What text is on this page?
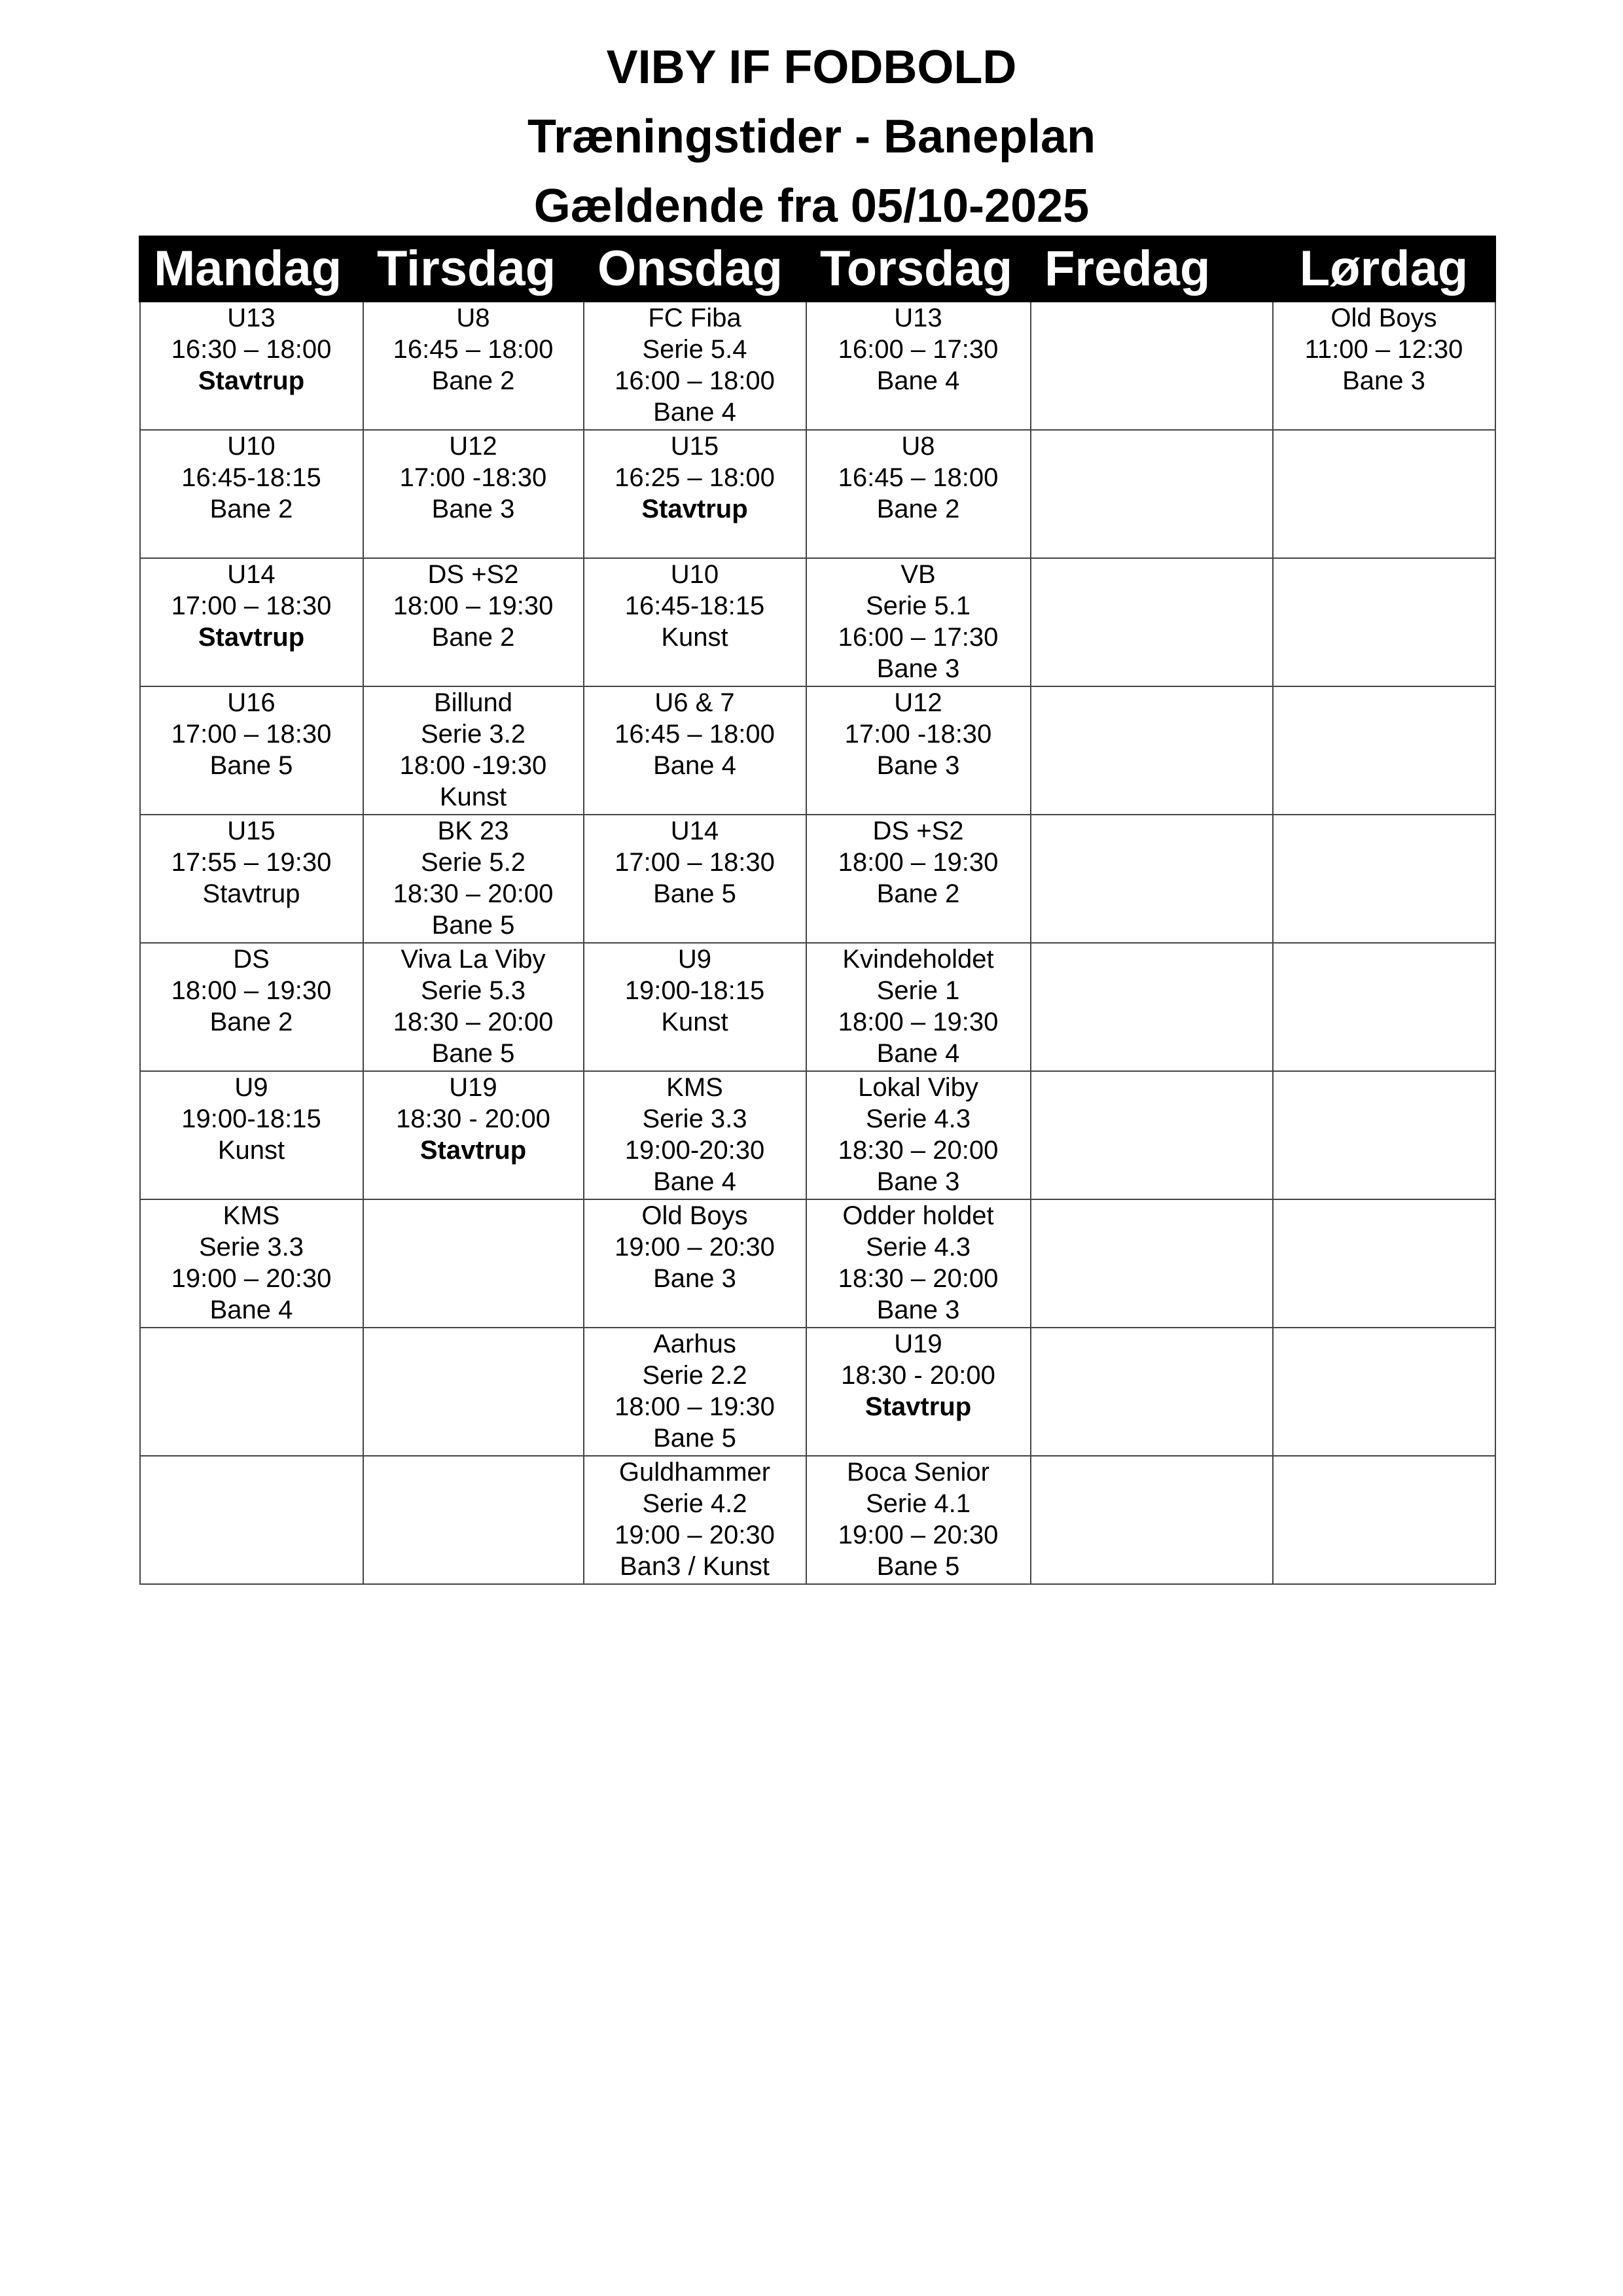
VIBY IF FODBOLD
Træningstider - Baneplan
Gældende fra 05/10-2025
Mandag	Tirsdag	Onsdag	Torsdag	Fredag	Lørdag

U13
16:30 – 18:00
Stavtrup	U8
16:45 – 18:00
Bane 2	FC Fiba
Serie 5.4
16:00 – 18:00
Bane 4	U13
16:00 – 17:30
Bane 4		Old Boys
11:00 – 12:30
Bane 3

U10
16:45-18:15
Bane 2	U12
17:00 -18:30
Bane 3	U15
16:25 – 18:00
Stavtrup	U8
16:45 – 18:00
Bane 2		

U14
17:00 – 18:30
Stavtrup	DS +S2
18:00 – 19:30
Bane 2	U10
16:45-18:15
Kunst	VB
Serie 5.1
16:00 – 17:30
Bane 3		

U16
17:00 – 18:30
Bane 5	Billund
Serie 3.2
18:00 -19:30
Kunst	U6 & 7
16:45 – 18:00
Bane 4	U12
17:00 -18:30
Bane 3		

U15
17:55 – 19:30
Stavtrup	BK 23
Serie 5.2
18:30 – 20:00
Bane 5	U14
17:00 – 18:30
Bane 5	DS +S2
18:00 – 19:30
Bane 2		

DS
18:00 – 19:30
Bane 2	Viva La Viby
Serie 5.3
18:30 – 20:00
Bane 5	U9
19:00-18:15
Kunst	Kvindeholdet
Serie 1
18:00 – 19:30
Bane 4		

U9
19:00-18:15
Kunst	U19
18:30 - 20:00
Stavtrup	KMS
Serie 3.3
19:00-20:30
Bane 4	Lokal Viby
Serie 4.3
18:30 – 20:00
Bane 3		

KMS
Serie 3.3
19:00 – 20:30
Bane 4		Old Boys
19:00 – 20:30
Bane 3	Odder holdet
Serie 4.3
18:30 – 20:00
Bane 3		

		Aarhus
Serie 2.2
18:00 – 19:30
Bane 5	U19
18:30 - 20:00
Stavtrup		

		Guldhammer
Serie 4.2
19:00 – 20:30
Ban3 / Kunst	Boca Senior
Serie 4.1
19:00 – 20:30
Bane 5		
